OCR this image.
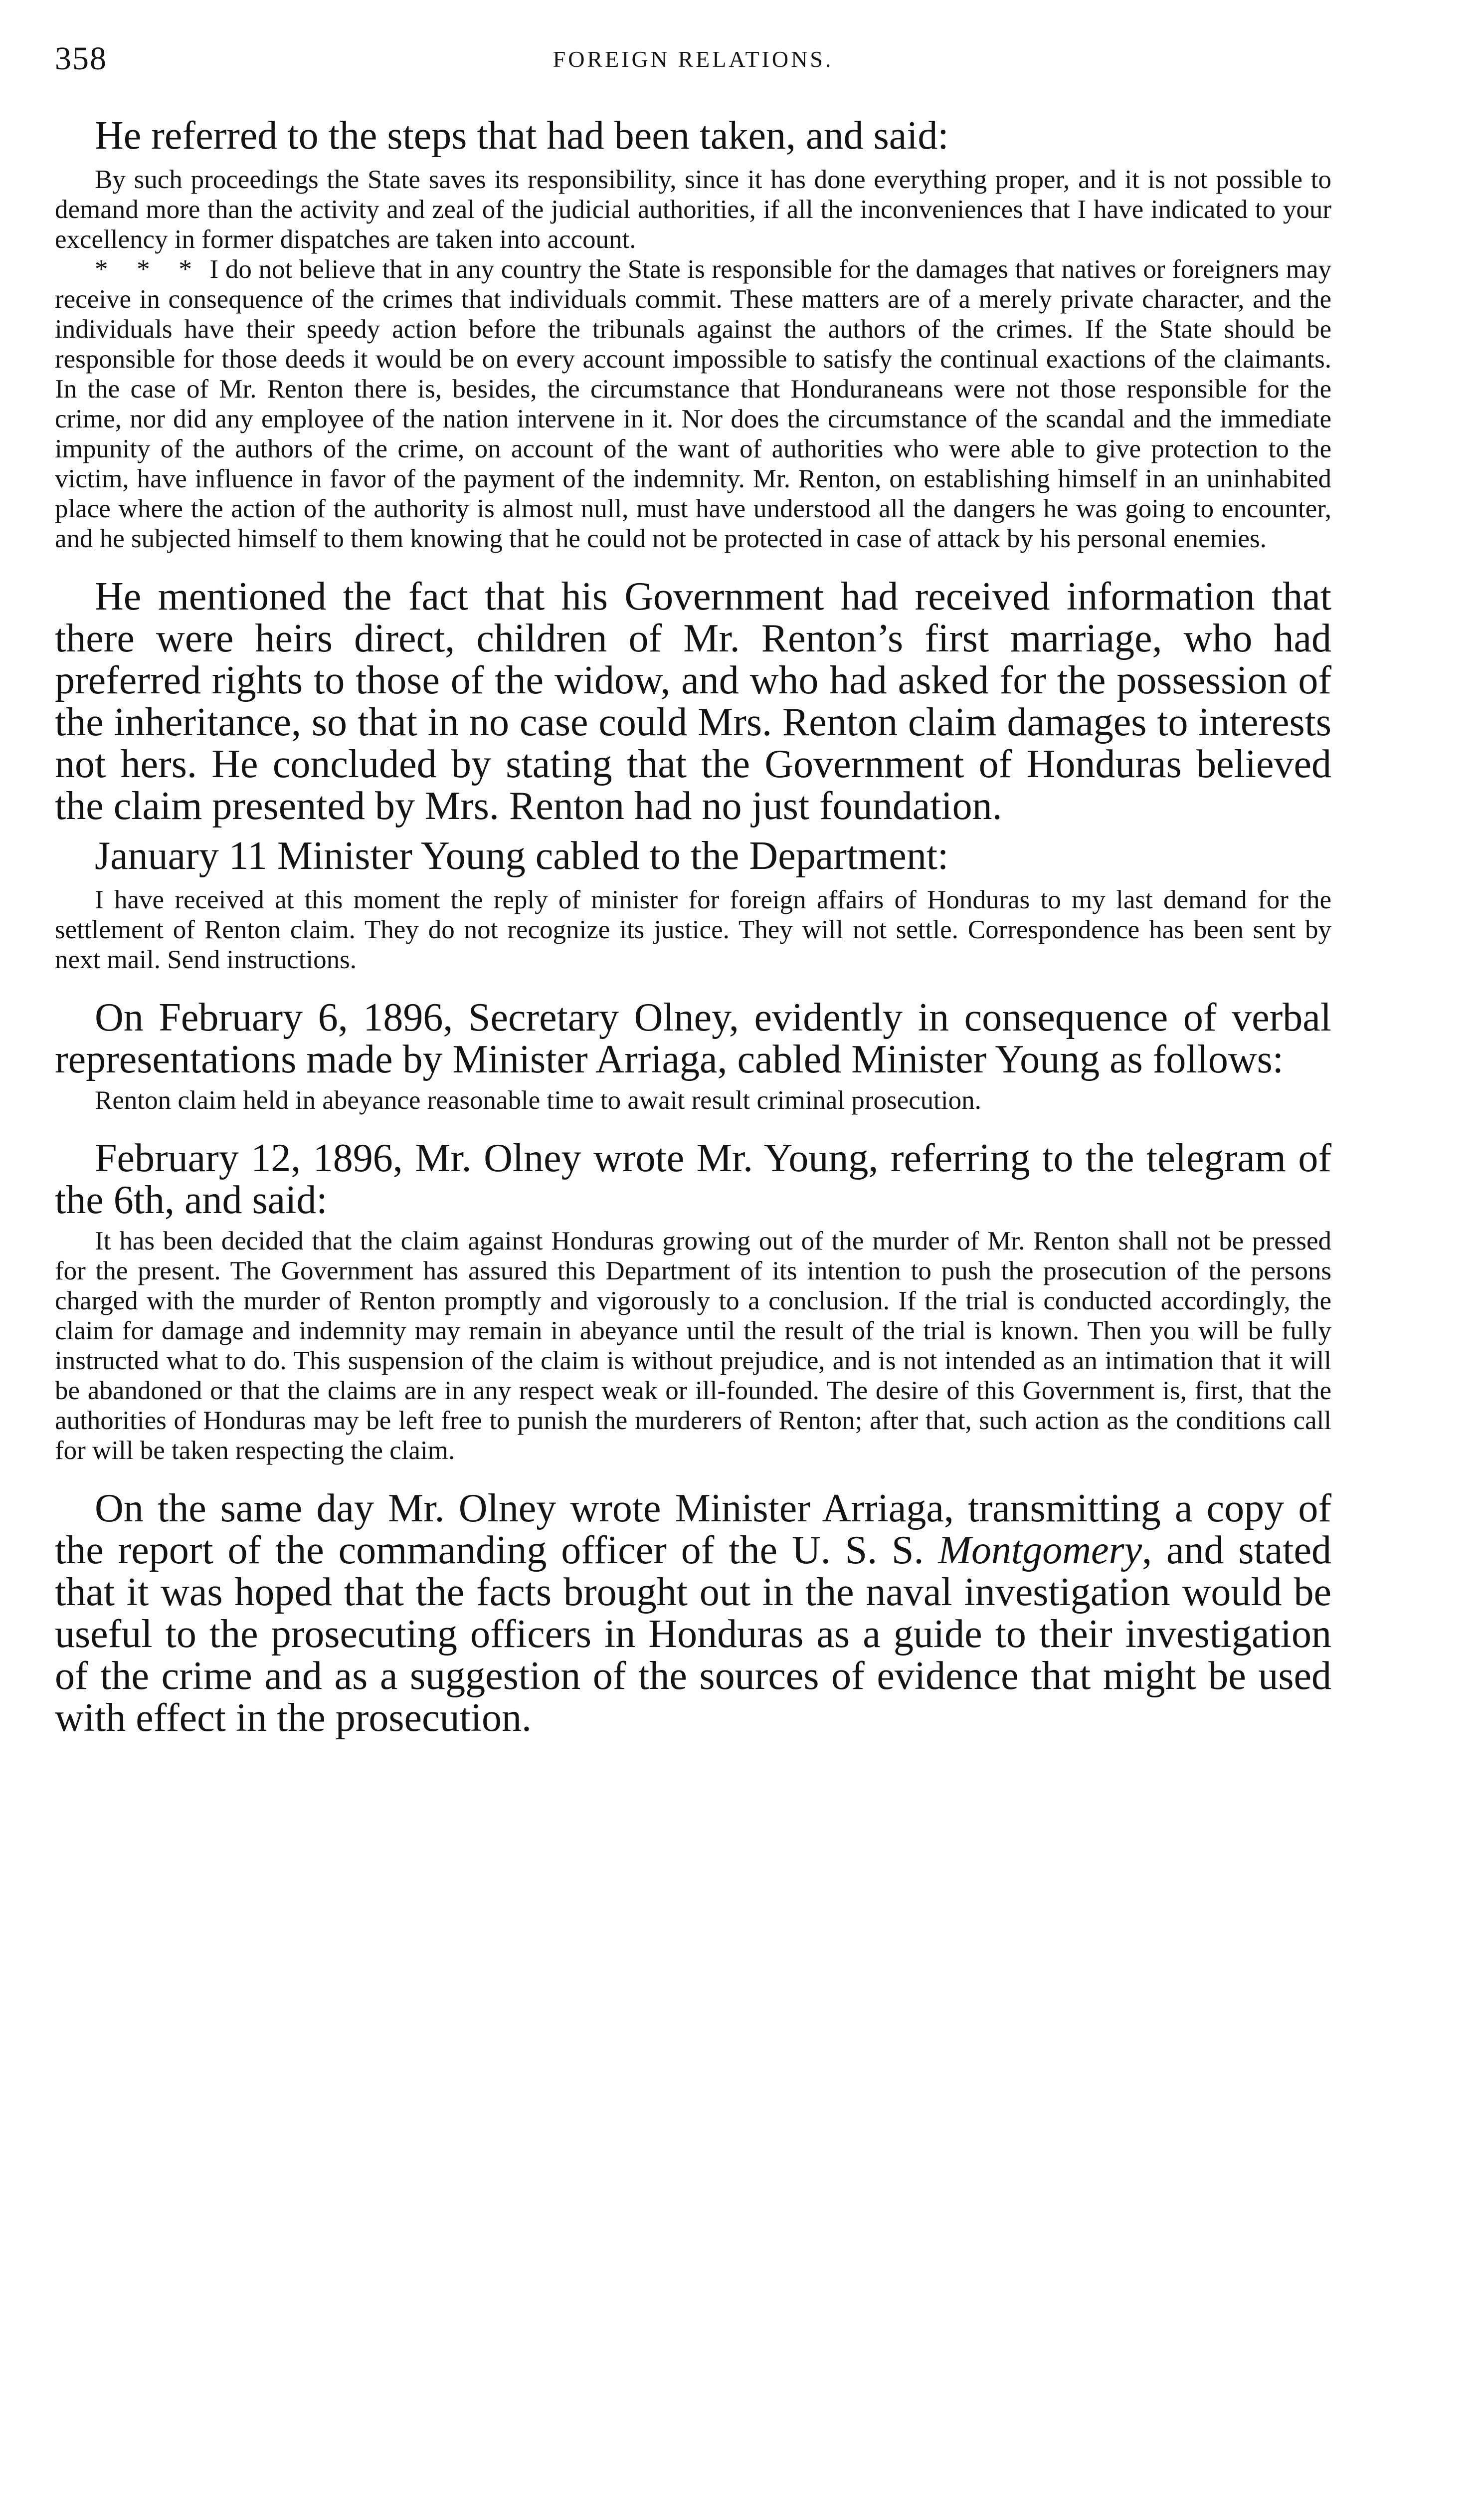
358	FOREIGN RELATIONS.
He referred to the steps that had been taken, and said:

By such proceedings the State saves its responsibility, since it has done everything proper, and it is not possible to demand more than the activity and zeal of the judicial authorities, if all the inconveniences that I have indicated to your excellency in former dispatches are taken into account.

* * * I do not believe that in any country the State is responsible for the damages that natives or foreigners may receive in consequence of the crimes that individuals commit. These matters are of a merely private character, and the individuals have their speedy action before the tribunals against the authors of the crimes. If the State should be responsible for those deeds it would be on every account impossible to satisfy the continual exactions of the claimants. In the case of Mr. Renton there is, besides, the circumstance that Honduraneans were not those responsible for the crime, nor did any employee of the nation intervene in it. Nor does the circumstance of the scandal and the immediate impunity of the authors of the crime, on account of the want of authorities who were able to give protection to the victim, have influence in favor of the payment of the indemnity. Mr. Renton, on establishing himself in an uninhabited place where the action of the authority is almost null, must have understood all the dangers he was going to encounter, and he subjected himself to them knowing that he could not be protected in case of attack by his personal enemies.

He mentioned the fact that his Government had received information that there were heirs direct, children of Mr. Renton’s first marriage, who had preferred rights to those of the widow, and who had asked for the possession of the inheritance, so that in no case could Mrs. Renton claim damages to interests not hers. He concluded by stating that the Government of Honduras believed the claim presented by Mrs. Renton had no just foundation.
January 11 Minister Young cabled to the Department:

I have received at this moment the reply of minister for foreign affairs of Honduras to my last demand for the settlement of Renton claim. They do not recognize its justice. They will not settle. Correspondence has been sent by next mail. Send instructions.

On February 6, 1896, Secretary Olney, evidently in consequence of verbal representations made by Minister Arriaga, cabled Minister Young as follows:

Renton claim held in abeyance reasonable time to await result criminal prosecution.

February 12, 1896, Mr. Olney wrote Mr. Young, referring to the telegram of the 6th, and said:

It has been decided that the claim against Honduras growing out of the murder of Mr. Renton shall not be pressed for the present. The Government has assured this Department of its intention to push the prosecution of the persons charged with the murder of Renton promptly and vigorously to a conclusion. If the trial is conducted accordingly, the claim for damage and indemnity may remain in abeyance until the result of the trial is known. Then you will be fully instructed what to do. This suspension of the claim is without prejudice, and is not intended as an intimation that it will be abandoned or that the claims are in any respect weak or ill-founded. The desire of this Government is, first, that the authorities of Honduras may be left free to punish the murderers of Renton; after that, such action as the conditions call for will be taken respecting the claim.

On the same day Mr. Olney wrote Minister Arriaga, transmitting a copy of the report of the commanding officer of the U. S. S. Montgomery, and stated that it was hoped that the facts brought out in the naval investigation would be useful to the prosecuting officers in Honduras as a guide to their investigation of the crime and as a suggestion of the sources of evidence that might be used with effect in the prosecution.
